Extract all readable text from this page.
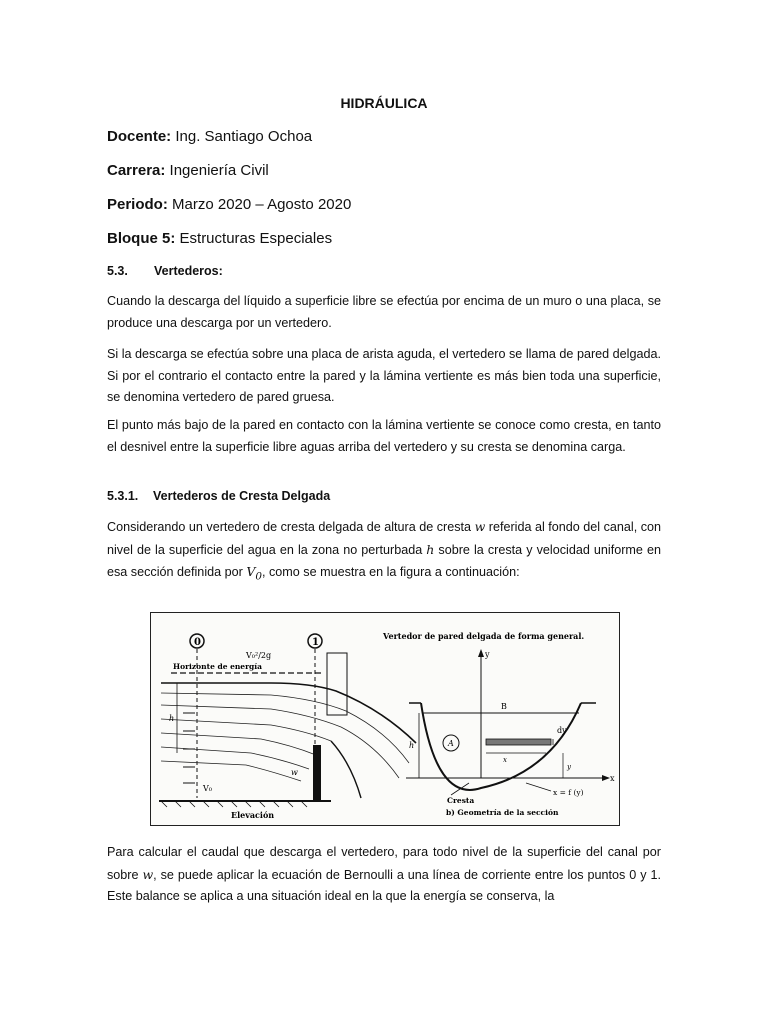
HIDRÁULICA
Docente: Ing. Santiago Ochoa
Carrera: Ingeniería Civil
Periodo: Marzo 2020 – Agosto 2020
Bloque 5: Estructuras Especiales
5.3. Vertederos:
Cuando la descarga del líquido a superficie libre se efectúa por encima de un muro o una placa, se produce una descarga por un vertedero.
Si la descarga se efectúa sobre una placa de arista aguda, el vertedero se llama de pared delgada. Si por el contrario el contacto entre la pared y la lámina vertiente es más bien toda una superficie, se denomina vertedero de pared gruesa.
El punto más bajo de la pared en contacto con la lámina vertiente se conoce como cresta, en tanto el desnivel entre la superficie libre aguas arriba del vertedero y su cresta se denomina carga.
5.3.1. Vertederos de Cresta Delgada
Considerando un vertedero de cresta delgada de altura de cresta w referida al fondo del canal, con nivel de la superficie del agua en la zona no perturbada h sobre la cresta y velocidad uniforme en esa sección definida por $V_0$, como se muestra en la figura a continuación:
0	1
Horizonte de energía
V₀²/2g
V₀
h
w
Elevación
Vertedor de pared delgada de forma general.
y
x
B
h	A
dy
x
y
Cresta
x = f (y)
b) Geometría de la sección
Para calcular el caudal que descarga el vertedero, para todo nivel de la superficie del canal por sobre w, se puede aplicar la ecuación de Bernoulli a una línea de corriente entre los puntos 0 y 1. Este balance se aplica a una situación ideal en la que la energía se conserva, la
